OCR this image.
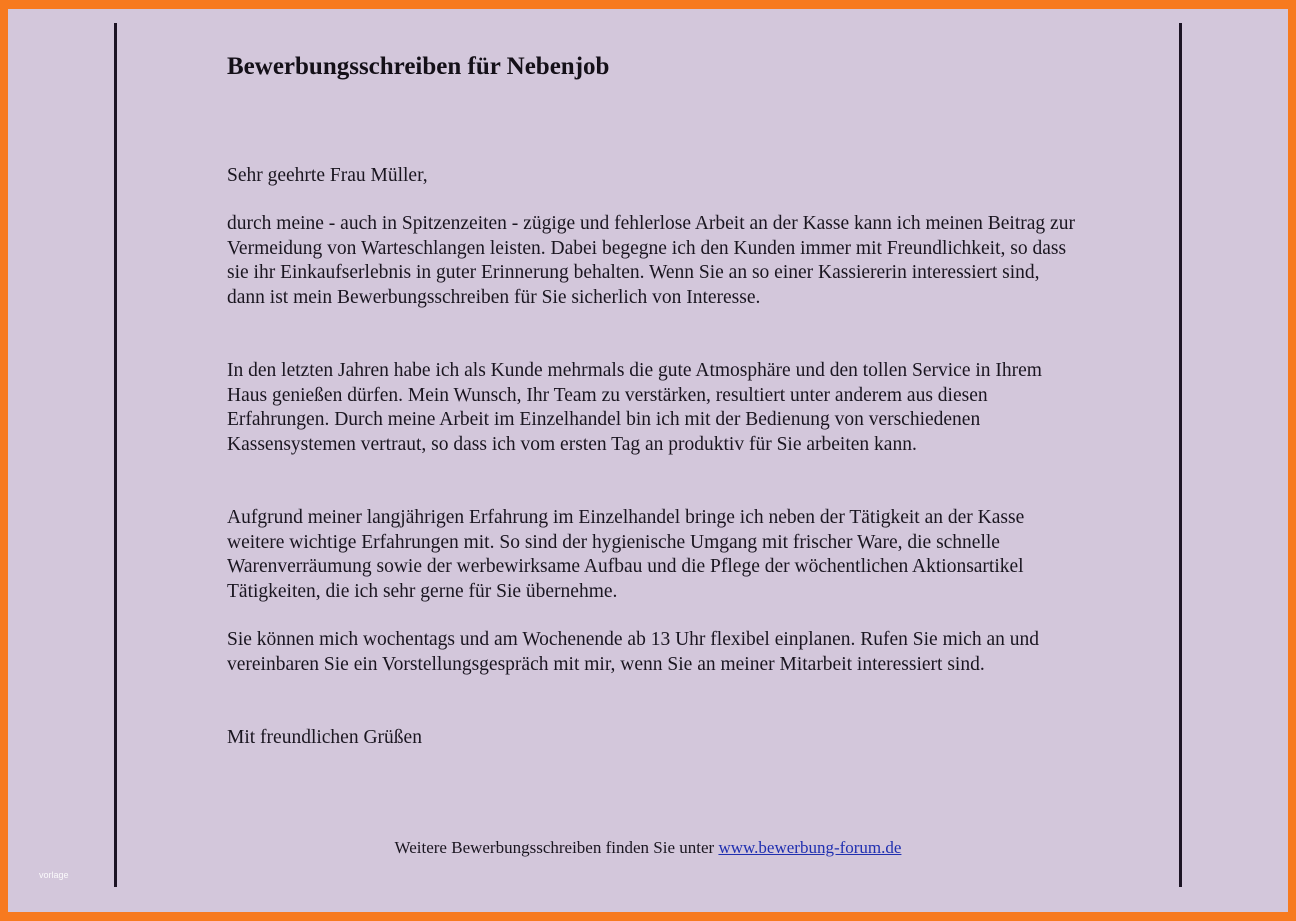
Bewerbungsschreiben für Nebenjob
Sehr geehrte Frau Müller,

durch meine - auch in Spitzenzeiten - zügige und fehlerlose Arbeit an der Kasse kann ich meinen Beitrag zur Vermeidung von Warteschlangen leisten. Dabei begegne ich den Kunden immer mit Freundlichkeit, so dass sie ihr Einkaufserlebnis in guter Erinnerung behalten. Wenn Sie an so einer Kassiererin interessiert sind, dann ist mein Bewerbungsschreiben für Sie sicherlich von Interesse.

In den letzten Jahren habe ich als Kunde mehrmals die gute Atmosphäre und den tollen Service in Ihrem Haus genießen dürfen. Mein Wunsch, Ihr Team zu verstärken, resultiert unter anderem aus diesen Erfahrungen. Durch meine Arbeit im Einzelhandel bin ich mit der Bedienung von verschiedenen Kassensystemen vertraut, so dass ich vom ersten Tag an produktiv für Sie arbeiten kann.

Aufgrund meiner langjährigen Erfahrung im Einzelhandel bringe ich neben der Tätigkeit an der Kasse weitere wichtige Erfahrungen mit. So sind der hygienische Umgang mit frischer Ware, die schnelle Warenverräumung sowie der werbewirksame Aufbau und die Pflege der wöchentlichen Aktionsartikel Tätigkeiten, die ich sehr gerne für Sie übernehme.

Sie können mich wochentags und am Wochenende ab 13 Uhr flexibel einplanen. Rufen Sie mich an und vereinbaren Sie ein Vorstellungsgespräch mit mir, wenn Sie an meiner Mitarbeit interessiert sind.

Mit freundlichen Grüßen
Weitere Bewerbungsschreiben finden Sie unter www.bewerbung-forum.de
vorlage
